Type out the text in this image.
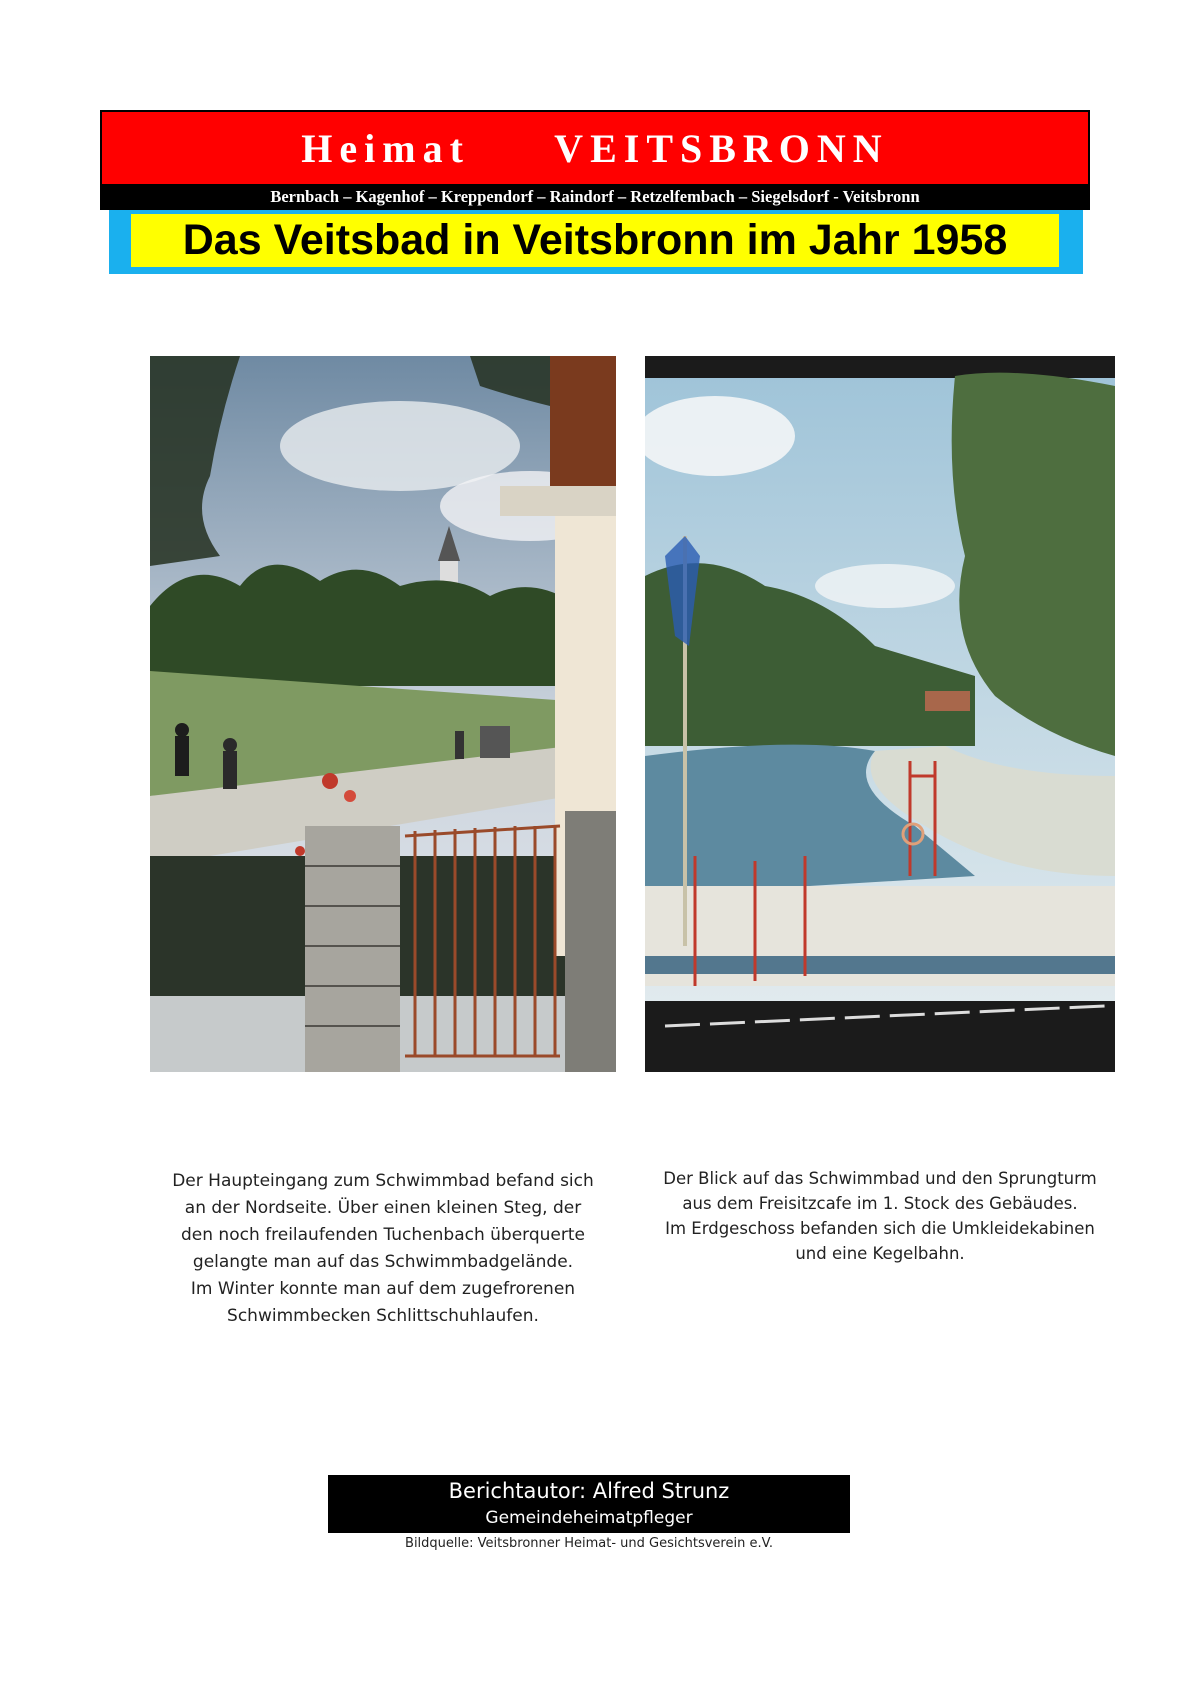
Heimat     VEITSBRONN
Bernbach – Kagenhof – Kreppendorf – Raindorf – Retzelfembach – Siegelsdorf - Veitsbronn
Das Veitsbad in Veitsbronn im Jahr 1958
Der Haupteingang zum Schwimmbad befand sich
an der Nordseite. Über einen kleinen Steg, der
den noch freilaufenden Tuchenbach überquerte
gelangte man auf das Schwimmbadgelände.
Im Winter konnte man auf dem zugefrorenen
Schwimmbecken Schlittschuhlaufen.
Der Blick auf das Schwimmbad und den Sprungturm
aus dem Freisitzcafe im 1. Stock des Gebäudes.
Im Erdgeschoss befanden sich die Umkleidekabinen
und eine Kegelbahn.
Berichtautor: Alfred Strunz
Gemeindeheimatpfleger
Bildquelle: Veitsbronner Heimat- und Gesichtsverein e.V.
